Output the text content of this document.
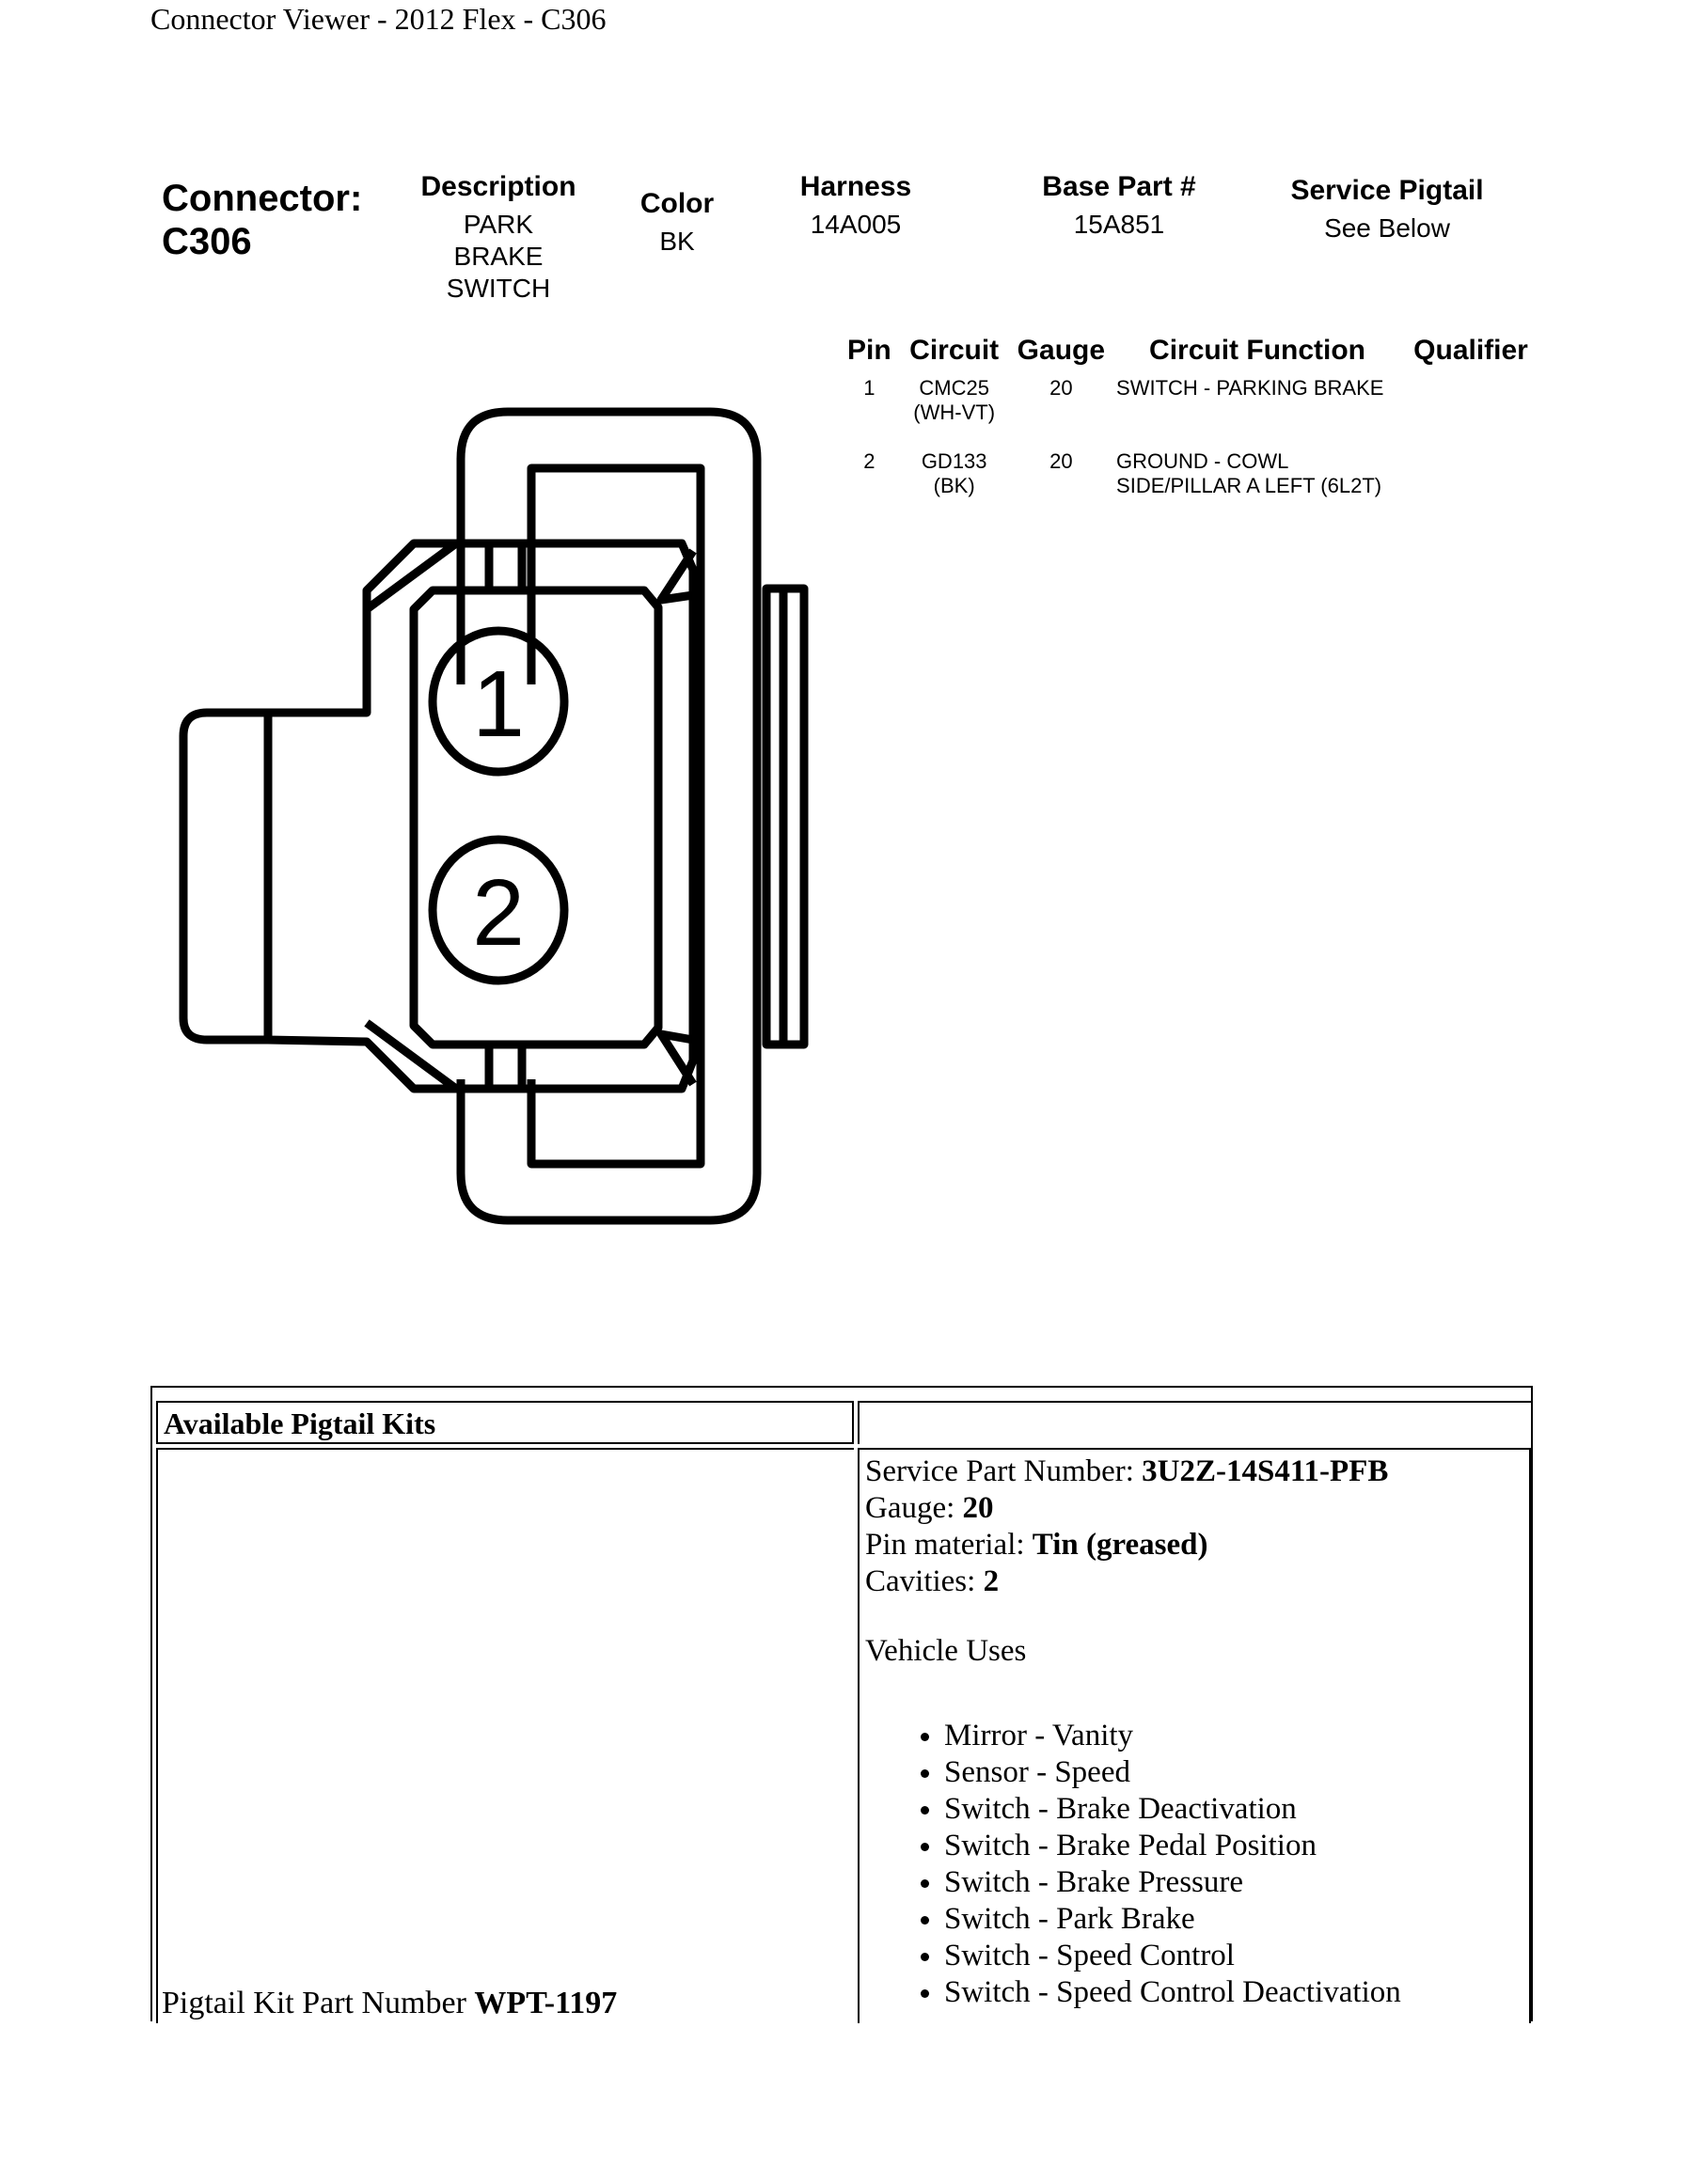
Connector Viewer - 2012 Flex - C306
Connector:
C306
Description
PARK BRAKE SWITCH
Color
BK
Harness
14A005
Base Part #
15A851
Service Pigtail
See Below
Pin	Circuit	Gauge	Circuit Function	Qualifier
1	CMC25 (WH-VT)	20	SWITCH - PARKING BRAKE	
2	GD133 (BK)	20	GROUND - COWL SIDE/PILLAR A LEFT (6L2T)	
1
2
Available Pigtail Kits
Pigtail Kit Part Number WPT-1197
Service Part Number: 3U2Z-14S411-PFB
Gauge: 20
Pin material: Tin (greased)
Cavities: 2
Vehicle Uses
• Mirror - Vanity
• Sensor - Speed
• Switch - Brake Deactivation
• Switch - Brake Pedal Position
• Switch - Brake Pressure
• Switch - Park Brake
• Switch - Speed Control
• Switch - Speed Control Deactivation
